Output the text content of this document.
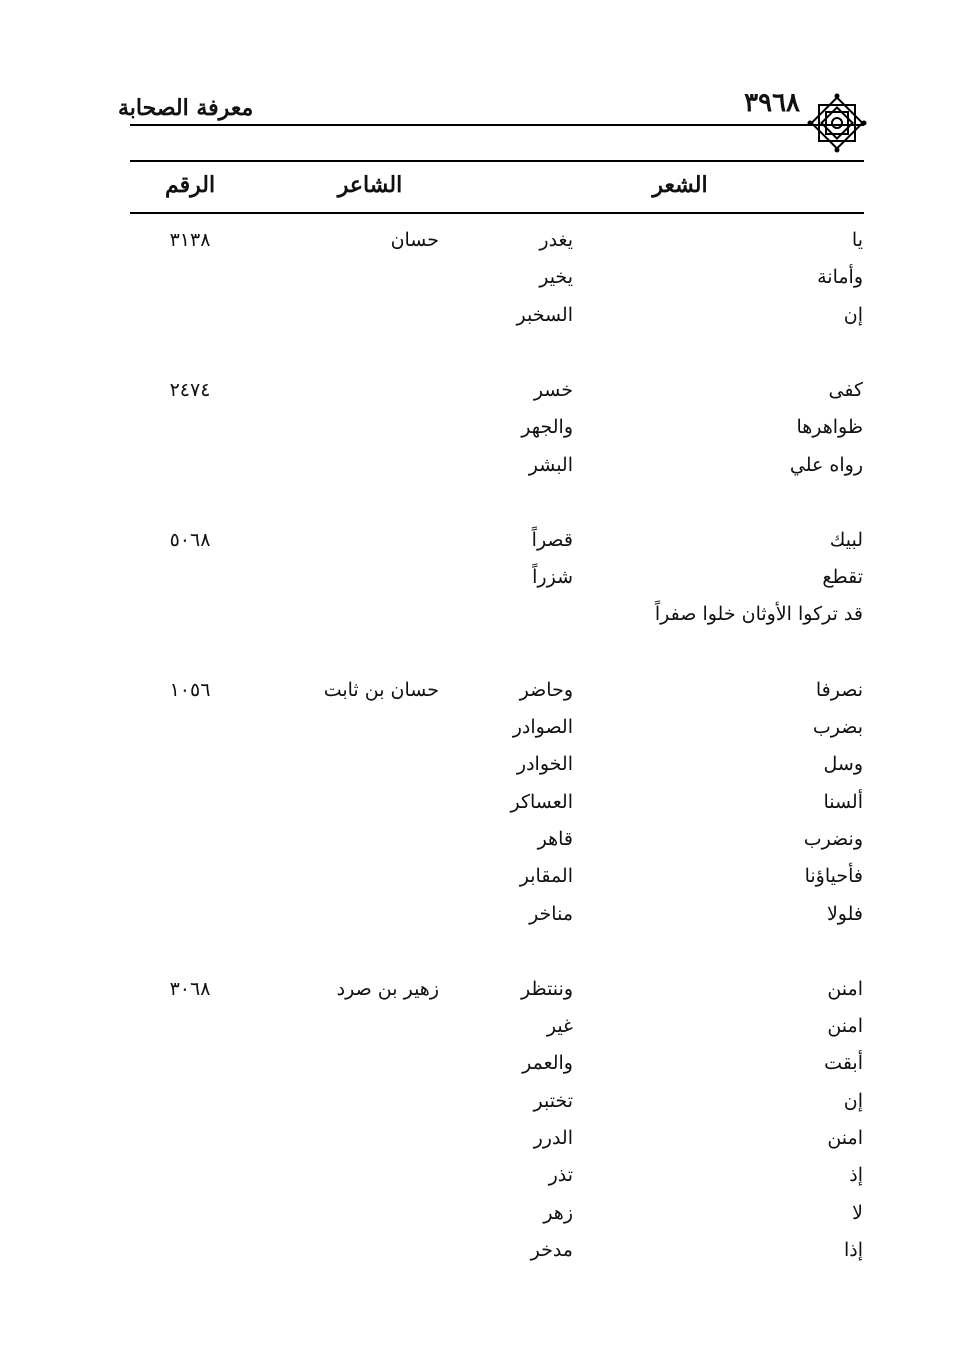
٣٩٦٨
معرفة الصحابة
الشعر
الشاعر
الرقم
يا
يغدر
حسان
٣١٣٨
وأمانة
يخير
إن
السخبر
كفى
خسر
٢٤٧٤
ظواهرها
والجهر
رواه علي
البشر
لبيك
قصراً
٥٠٦٨
تقطع
شزراً
قد تركوا الأوثان خلوا صفراً
نصرفا
وحاضر
حسان بن ثابت
١٠٥٦
بضرب
الصوادر
وسل
الخوادر
ألسنا
العساكر
ونضرب
قاهر
فأحياؤنا
المقابر
فلولا
مناخر
امنن
وننتظر
زهير بن صرد
٣٠٦٨
امنن
غير
أبقت
والعمر
إن
تختبر
امنن
الدرر
إذ
تذر
لا
زهر
إذا
مدخر
